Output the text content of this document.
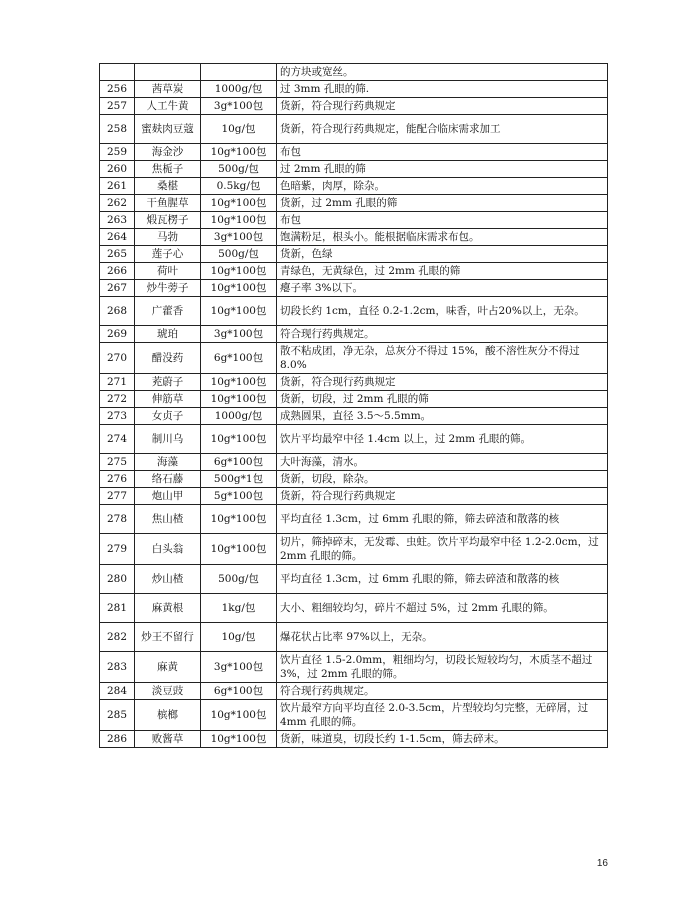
			的方块或宽丝。
256	茜草炭	1000g/包	过 3mm 孔眼的筛.
257	人工牛黄	3g*100包	货新，符合现行药典规定
258	蜜麸肉豆蔻	10g/包	货新，符合现行药典规定，能配合临床需求加工
259	海金沙	10g*100包	布包
260	焦栀子	500g/包	过 2mm 孔眼的筛
261	桑椹	0.5kg/包	色暗紫，肉厚，除杂。
262	干鱼腥草	10g*100包	货新，过 2mm 孔眼的筛
263	煅瓦楞子	10g*100包	布包
264	马勃	3g*100包	饱满粉足，根头小。能根据临床需求布包。
265	莲子心	500g/包	货新，色绿
266	荷叶	10g*100包	青绿色，无黄绿色，过 2mm 孔眼的筛
267	炒牛蒡子	10g*100包	瘪子率 3%以下。
268	广藿香	10g*100包	切段长约 1cm，直径 0.2-1.2cm，味香，叶占20%以上，无杂。
269	琥珀	3g*100包	符合现行药典规定。
270	醋没药	6g*100包	散不粘成团，净无杂，总灰分不得过 15%，酸不溶性灰分不得过 8.0%
271	茺蔚子	10g*100包	货新，符合现行药典规定
272	伸筋草	10g*100包	货新，切段，过 2mm 孔眼的筛
273	女贞子	1000g/包	成熟圆果，直径 3.5～5.5mm。
274	制川乌	10g*100包	饮片平均最窄中径 1.4cm 以上，过 2mm 孔眼的筛。
275	海藻	6g*100包	大叶海藻，清水。
276	络石藤	500g*1包	货新，切段，除杂。
277	炮山甲	5g*100包	货新，符合现行药典规定
278	焦山楂	10g*100包	平均直径 1.3cm，过 6mm 孔眼的筛，筛去碎渣和散落的核
279	白头翁	10g*100包	切片，筛掉碎末，无发霉、虫蛀。饮片平均最窄中径 1.2-2.0cm，过 2mm 孔眼的筛。
280	炒山楂	500g/包	平均直径 1.3cm，过 6mm 孔眼的筛，筛去碎渣和散落的核
281	麻黄根	1kg/包	大小、粗细较均匀，碎片不超过 5%，过 2mm 孔眼的筛。
282	炒王不留行	10g/包	爆花状占比率 97%以上，无杂。
283	麻黄	3g*100包	饮片直径 1.5-2.0mm，粗细均匀，切段长短较均匀，木质茎不超过 3%，过 2mm 孔眼的筛。
284	淡豆豉	6g*100包	符合现行药典规定。
285	槟榔	10g*100包	饮片最窄方向平均直径 2.0-3.5cm，片型较均匀完整，无碎屑，过 4mm 孔眼的筛。
286	败酱草	10g*100包	货新，味道臭，切段长约 1-1.5cm，筛去碎末。
16
